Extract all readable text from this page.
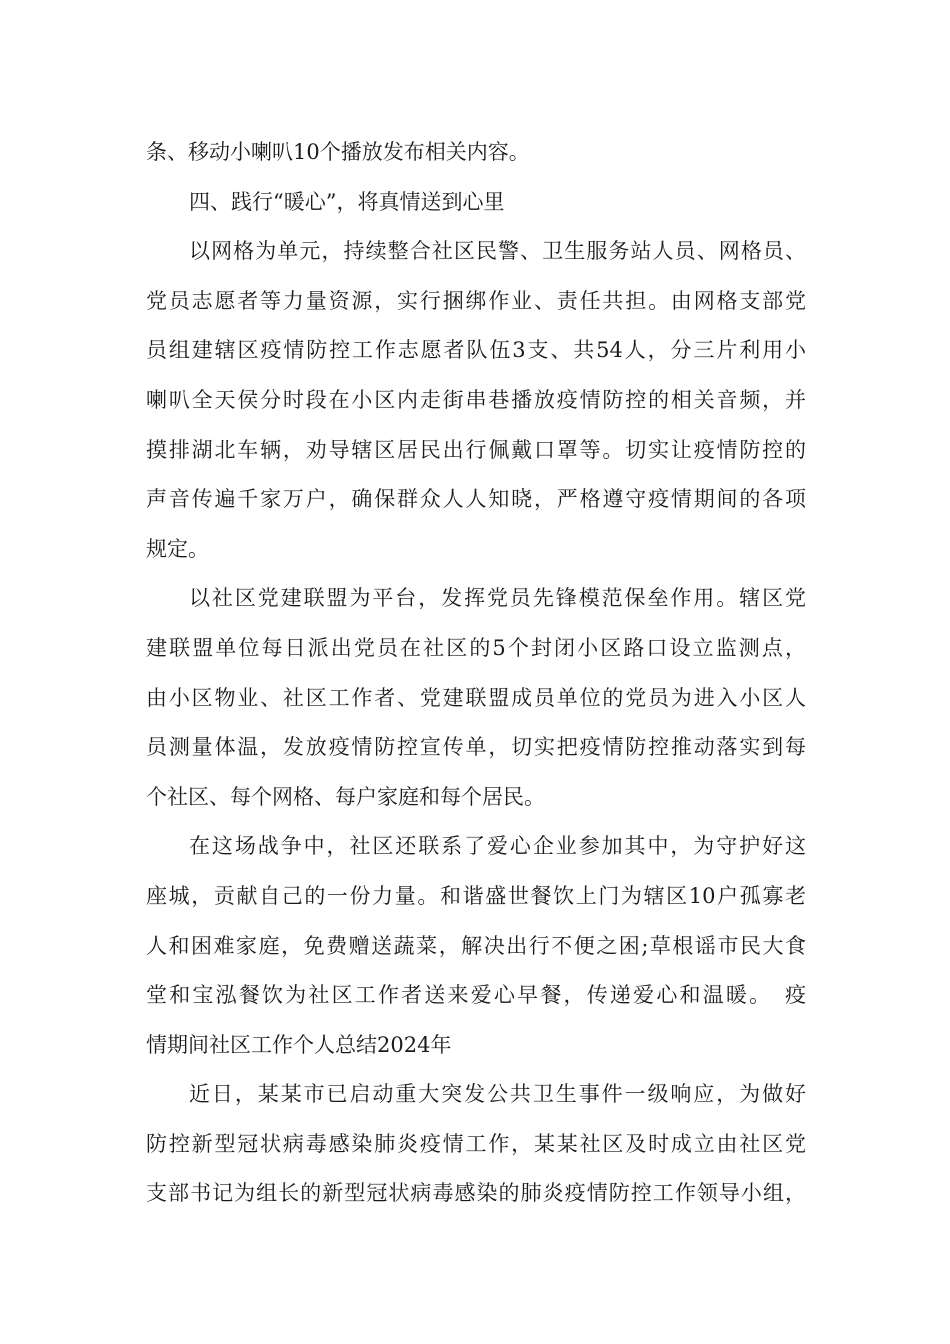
条、移动小喇叭10个播放发布相关内容。
四、践行“暖心”，将真情送到心里
以网格为单元，持续整合社区民警、卫生服务站人员、网格员、
党员志愿者等力量资源，实行捆绑作业、责任共担。由网格支部党
员组建辖区疫情防控工作志愿者队伍3支、共54人，分三片利用小
喇叭全天侯分时段在小区内走街串巷播放疫情防控的相关音频，并
摸排湖北车辆，劝导辖区居民出行佩戴口罩等。切实让疫情防控的
声音传遍千家万户，确保群众人人知晓，严格遵守疫情期间的各项
规定。
以社区党建联盟为平台，发挥党员先锋模范保垒作用。辖区党
建联盟单位每日派出党员在社区的5个封闭小区路口设立监测点，
由小区物业、社区工作者、党建联盟成员单位的党员为进入小区人
员测量体温，发放疫情防控宣传单，切实把疫情防控推动落实到每
个社区、每个网格、每户家庭和每个居民。
在这场战争中，社区还联系了爱心企业参加其中，为守护好这
座城，贡献自己的一份力量。和谐盛世餐饮上门为辖区10户孤寡老
人和困难家庭，免费赠送蔬菜，解决出行不便之困;草根谣市民大食
堂和宝泓餐饮为社区工作者送来爱心早餐，传递爱心和温暖。　疫
情期间社区工作个人总结2024年
近日，某某市已启动重大突发公共卫生事件一级响应，为做好
防控新型冠状病毒感染肺炎疫情工作，某某社区及时成立由社区党
支部书记为组长的新型冠状病毒感染的肺炎疫情防控工作领导小组，
